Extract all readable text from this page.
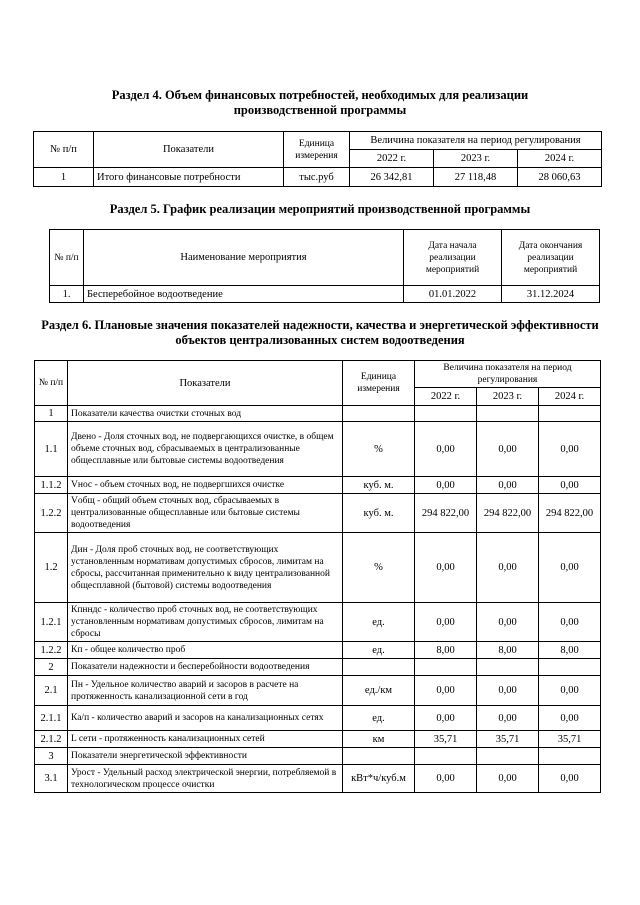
Раздел 4. Объем финансовых потребностей, необходимых для реализации
производственной программы
№ п/п	Показатели	Единица измерения	Величина показателя на период регулирования		
			2022 г.	2023 г.	2024 г.
1	Итого финансовые потребности	тыс.руб	26 342,81	27 118,48	28 060,63
Раздел 5. График реализации мероприятий производственной программы
№ п/п	Наименование мероприятия	Дата начала реализации мероприятий	Дата окончания реализации мероприятий
1.	Бесперебойное водоотведение	01.01.2022	31.12.2024
Раздел 6. Плановые значения показателей надежности, качества и энергетической эффективности
объектов централизованных систем водоотведения
№ п/п	Показатели	Единица измерения	Величина показателя на период регулирования		
			2022 г.	2023 г.	2024 г.
1	Показатели качества очистки сточных вод				
1.1	Двено - Доля сточных вод, не подвергающихся очистке, в общем объеме сточных вод, сбрасываемых в централизованные общесплавные или бытовые системы водоотведения	%	0,00	0,00	0,00
1.1.2	Vнос - объем сточных вод, не подвергшихся очистке	куб. м.	0,00	0,00	0,00
1.2.2	Vобщ - общий объем сточных вод, сбрасываемых в централизованные общесплавные или бытовые системы водоотведения	куб. м.	294 822,00	294 822,00	294 822,00
1.2	Дин - Доля проб сточных вод, не соответствующих установленным нормативам допустимых сбросов, лимитам на сбросы, рассчитанная применительно к виду централизованной общесплавной (бытовой) системы водоотведения	%	0,00	0,00	0,00
1.2.1	Кпнндс - количество проб сточных вод, не соответствующих установленным нормативам допустимых сбросов, лимитам на сбросы	ед.	0,00	0,00	0,00
1.2.2	Кп - общее количество проб	ед.	8,00	8,00	8,00
2	Показатели надежности и бесперебойности водоотведения				
2.1	Пн - Удельное количество аварий и засоров в расчете на протяженность канализационной сети в год	ед./км	0,00	0,00	0,00
2.1.1	Ка/п - количество аварий и засоров на канализационных сетях	ед.	0,00	0,00	0,00
2.1.2	L сети - протяженность канализационных сетей	км	35,71	35,71	35,71
3	Показатели энергетической эффективности				
3.1	Урост - Удельный расход электрической энергии, потребляемой в технологическом процессе очистки	кВт*ч/куб.м	0,00	0,00	0,00
